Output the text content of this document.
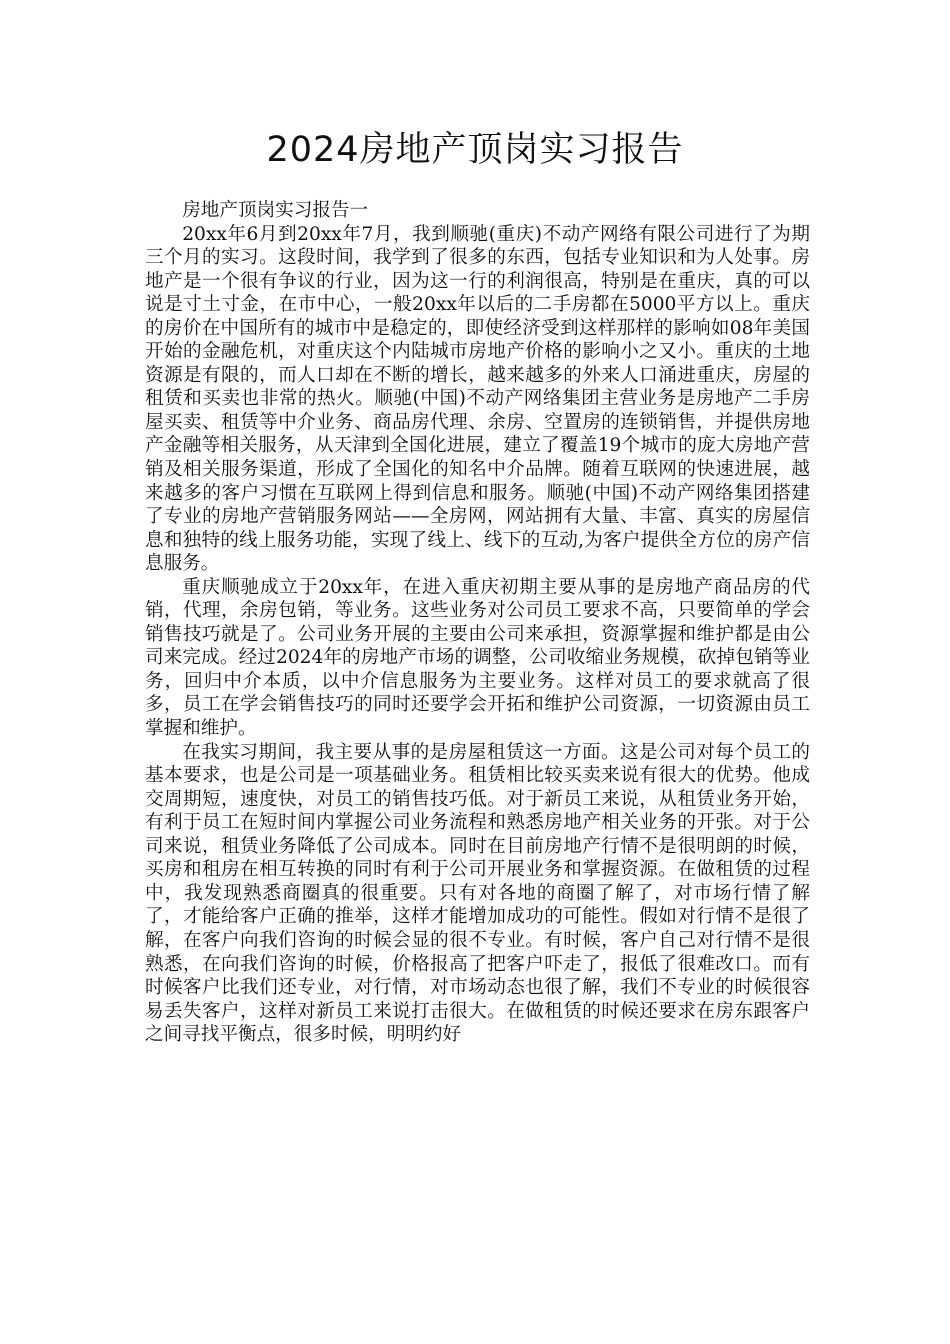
2024房地产顶岗实习报告

房地产顶岗实习报告一

20xx年6月到20xx年7月，我到顺驰(重庆)不动产网络有限公司进行了为期三个月的实习。这段时间，我学到了很多的东西，包括专业知识和为人处事。房地产是一个很有争议的行业，因为这一行的利润很高，特别是在重庆，真的可以说是寸土寸金，在市中心，一般20xx年以后的二手房都在5000平方以上。重庆的房价在中国所有的城市中是稳定的，即使经济受到这样那样的影响如08年美国开始的金融危机，对重庆这个内陆城市房地产价格的影响小之又小。重庆的土地资源是有限的，而人口却在不断的增长，越来越多的外来人口涌进重庆，房屋的租赁和买卖也非常的热火。顺驰(中国)不动产网络集团主营业务是房地产二手房屋买卖、租赁等中介业务、商品房代理、余房、空置房的连锁销售，并提供房地产金融等相关服务，从天津到全国化进展，建立了覆盖19个城市的庞大房地产营销及相关服务渠道，形成了全国化的知名中介品牌。随着互联网的快速进展，越来越多的客户习惯在互联网上得到信息和服务。顺驰(中国)不动产网络集团搭建了专业的房地产营销服务网站——全房网，网站拥有大量、丰富、真实的房屋信息和独特的线上服务功能，实现了线上、线下的互动,为客户提供全方位的房产信息服务。

重庆顺驰成立于20xx年，在进入重庆初期主要从事的是房地产商品房的代销，代理，余房包销，等业务。这些业务对公司员工要求不高，只要简单的学会销售技巧就是了。公司业务开展的主要由公司来承担，资源掌握和维护都是由公司来完成。经过2024年的房地产市场的调整，公司收缩业务规模，砍掉包销等业务，回归中介本质，以中介信息服务为主要业务。这样对员工的要求就高了很多，员工在学会销售技巧的同时还要学会开拓和维护公司资源，一切资源由员工掌握和维护。

在我实习期间，我主要从事的是房屋租赁这一方面。这是公司对每个员工的基本要求，也是公司是一项基础业务。租赁相比较买卖来说有很大的优势。他成交周期短，速度快，对员工的销售技巧低。对于新员工来说，从租赁业务开始，有利于员工在短时间内掌握公司业务流程和熟悉房地产相关业务的开张。对于公司来说，租赁业务降低了公司成本。同时在目前房地产行情不是很明朗的时候，买房和租房在相互转换的同时有利于公司开展业务和掌握资源。在做租赁的过程中，我发现熟悉商圈真的很重要。只有对各地的商圈了解了，对市场行情了解了，才能给客户正确的推举，这样才能增加成功的可能性。假如对行情不是很了解，在客户向我们咨询的时候会显的很不专业。有时候，客户自己对行情不是很熟悉，在向我们咨询的时候，价格报高了把客户吓走了，报低了很难改口。而有时候客户比我们还专业，对行情，对市场动态也很了解，我们不专业的时候很容易丢失客户，这样对新员工来说打击很大。在做租赁的时候还要求在房东跟客户之间寻找平衡点，很多时候，明明约好
